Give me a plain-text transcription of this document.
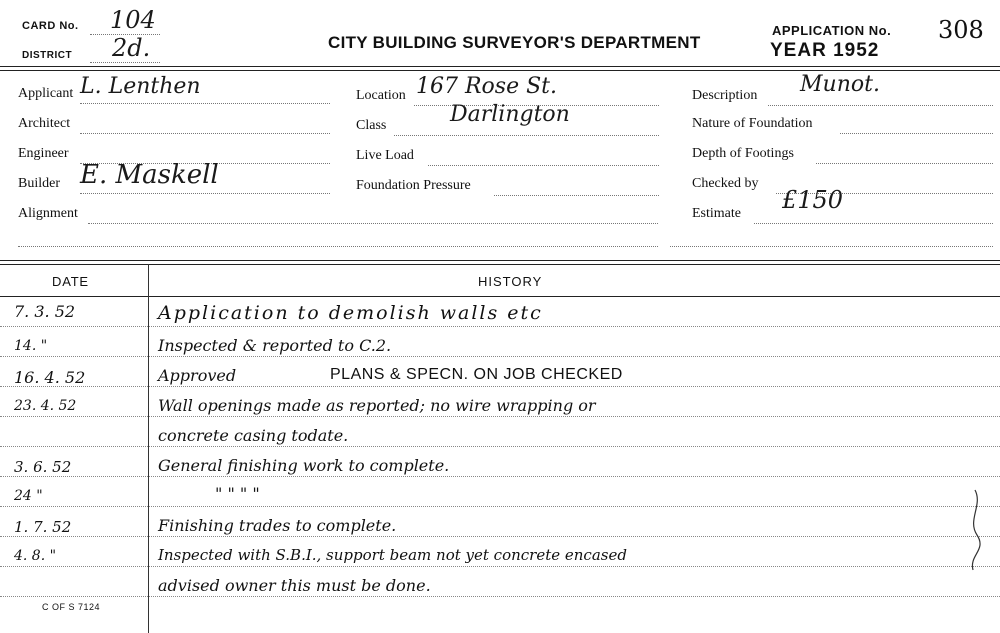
CARD No. 104
DISTRICT 2d.	CITY BUILDING SURVEYOR'S DEPARTMENT
APPLICATION No. 308
YEAR 1952
Applicant L. Lenthen
Architect
Engineer
Builder E. Maskell
Alignment
Location 167 Rose St.
Class	Darlington
Live Load
Foundation Pressure
Description Munot.
Nature of Foundation
Depth of Footings
Checked by
Estimate £150
DATE	HISTORY
7. 3. 52	Application to demolish walls etc
14. "	Inspected & reported to C.2.
16. 4. 52	Approved	PLANS & SPECN. ON JOB CHECKED
23. 4. 52	Wall openings made as reported; no wire wrapping or
concrete casing todate.
3. 6. 52	General finishing work to complete.
24 "	" " " "
1. 7. 52	Finishing trades to complete.
4. 8. "	Inspected with S.B.I., support beam not yet concrete encased
advised owner this must be done.
C OF S 7124
